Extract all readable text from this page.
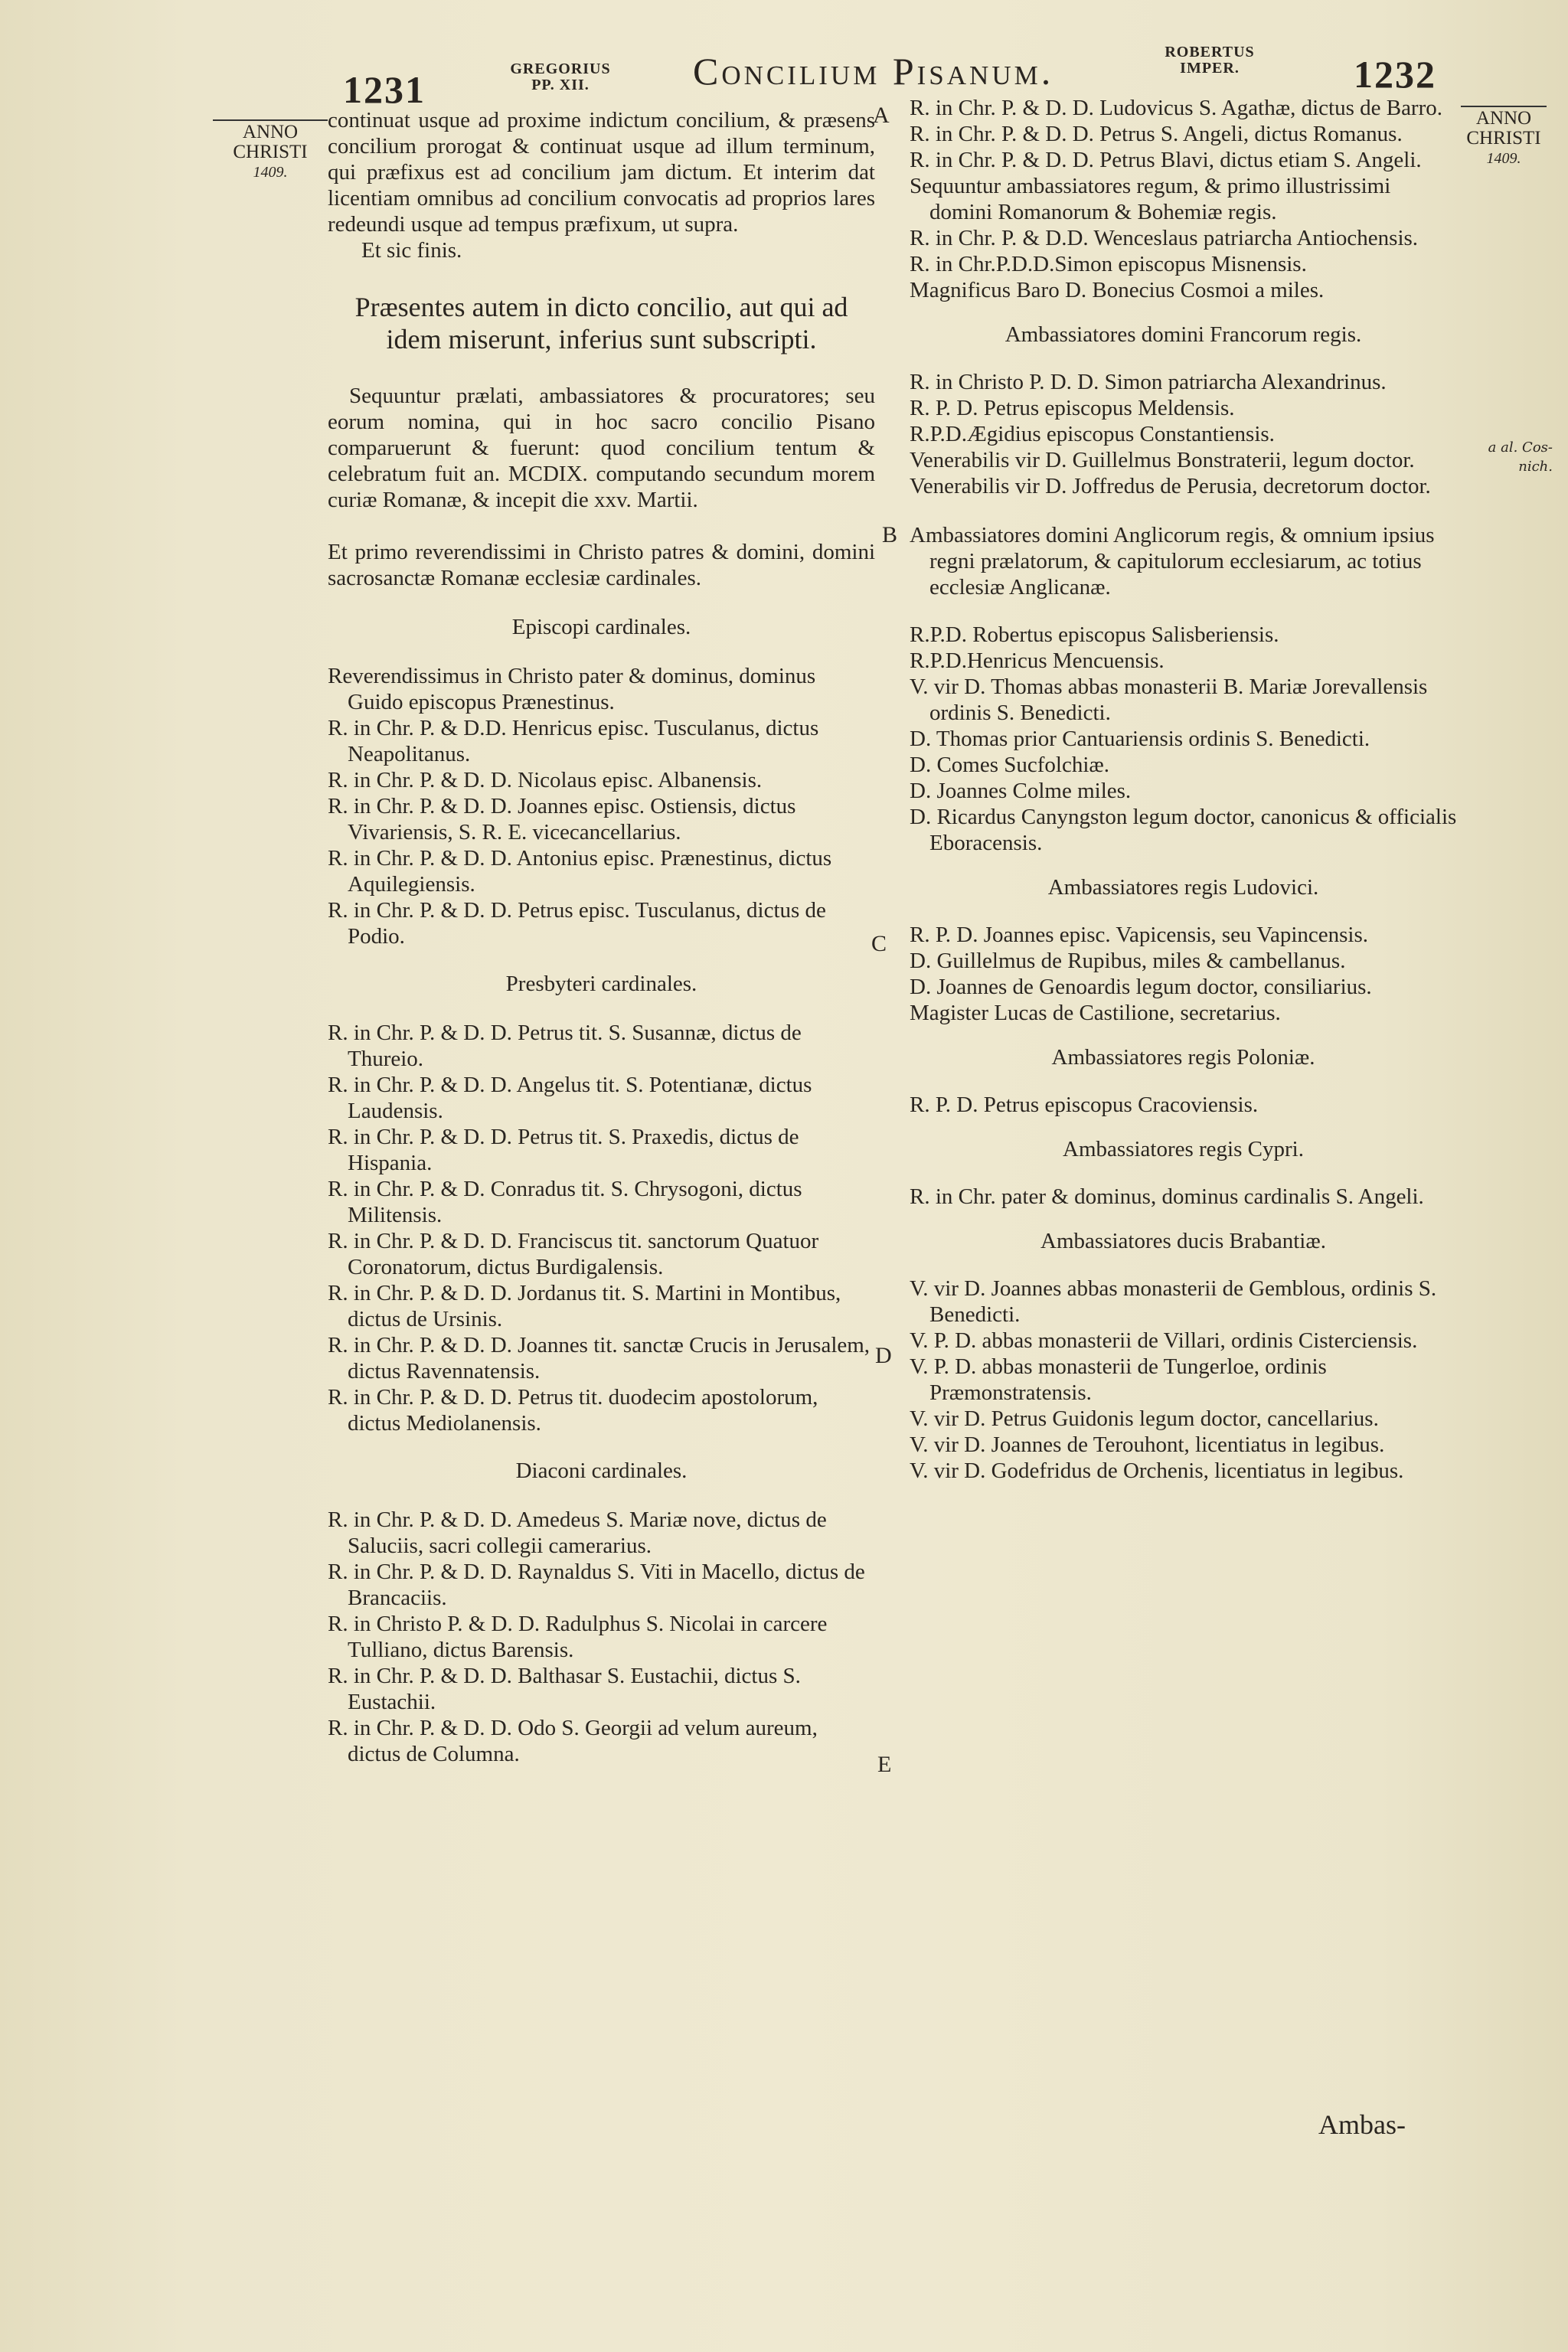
1231	GREGORIUS
PP. XII.	Concilium Pisanum.	ROBERTUS
IMPER.	1232
ANNO
CHRISTI
1409.
ANNO
CHRISTI
1409.
a al. Cos-
nich.
A
B
C
D
E

continuat usque ad proxime indictum concilium, & præsens concilium prorogat & continuat usque ad illum terminum, qui præfixus est ad concilium jam dictum. Et interim dat licentiam omnibus ad concilium convocatis ad proprios lares redeundi usque ad tempus præfixum, ut supra.

Et sic finis.

Præsentes autem in dicto concilio, aut qui ad idem miserunt, inferius sunt subscripti.

Sequuntur prælati, ambassiatores & procuratores; seu eorum nomina, qui in hoc sacro concilio Pisano comparuerunt & fuerunt: quod concilium tentum & celebratum fuit an. MCDIX. computando secundum morem curiæ Romanæ, & incepit die xxv. Martii.

Et primo reverendissimi in Christo patres & domini, domini sacrosanctæ Romanæ ecclesiæ cardinales.

Episcopi cardinales.

Reverendissimus in Christo pater & dominus, dominus Guido episcopus Prænestinus.

R. in Chr. P. & D.D. Henricus episc. Tusculanus, dictus Neapolitanus.

R. in Chr. P. & D. D. Nicolaus episc. Albanensis.

R. in Chr. P. & D. D. Joannes episc. Ostiensis, dictus Vivariensis, S. R. E. vicecancellarius.

R. in Chr. P. & D. D. Antonius episc. Prænestinus, dictus Aquilegiensis.

R. in Chr. P. & D. D. Petrus episc. Tusculanus, dictus de Podio.

Presbyteri cardinales.

R. in Chr. P. & D. D. Petrus tit. S. Susannæ, dictus de Thureio.

R. in Chr. P. & D. D. Angelus tit. S. Potentianæ, dictus Laudensis.

R. in Chr. P. & D. D. Petrus tit. S. Praxedis, dictus de Hispania.

R. in Chr. P. & D. Conradus tit. S. Chrysogoni, dictus Militensis.

R. in Chr. P. & D. D. Franciscus tit. sanctorum Quatuor Coronatorum, dictus Burdigalensis.

R. in Chr. P. & D. D. Jordanus tit. S. Martini in Montibus, dictus de Ursinis.

R. in Chr. P. & D. D. Joannes tit. sanctæ Crucis in Jerusalem, dictus Ravennatensis.

R. in Chr. P. & D. D. Petrus tit. duodecim apostolorum, dictus Mediolanensis.

Diaconi cardinales.

R. in Chr. P. & D. D. Amedeus S. Mariæ nove, dictus de Saluciis, sacri collegii camerarius.

R. in Chr. P. & D. D. Raynaldus S. Viti in Macello, dictus de Brancaciis.

R. in Christo P. & D. D. Radulphus S. Nicolai in carcere Tulliano, dictus Barensis.

R. in Chr. P. & D. D. Balthasar S. Eustachii, dictus S. Eustachii.

R. in Chr. P. & D. D. Odo S. Georgii ad velum aureum, dictus de Columna.

R. in Chr. P. & D. D. Ludovicus S. Agathæ, dictus de Barro.

R. in Chr. P. & D. D. Petrus S. Angeli, dictus Romanus.

R. in Chr. P. & D. D. Petrus Blavi, dictus etiam S. Angeli.

Sequuntur ambassiatores regum, & primo illustrissimi domini Romanorum & Bohemiæ regis.

R. in Chr. P. & D.D. Wenceslaus patriarcha Antiochensis.

R. in Chr.P.D.D.Simon episcopus Misnensis.

Magnificus Baro D. Bonecius Cosmoi a miles.

Ambassiatores domini Francorum regis.

R. in Christo P. D. D. Simon patriarcha Alexandrinus.

R. P. D. Petrus episcopus Meldensis.

R.P.D.Ægidius episcopus Constantiensis.

Venerabilis vir D. Guillelmus Bonstraterii, legum doctor.

Venerabilis vir D. Joffredus de Perusia, decretorum doctor.

Ambassiatores domini Anglicorum regis, & omnium ipsius regni prælatorum, & capitulorum ecclesiarum, ac totius ecclesiæ Anglicanæ.

R.P.D. Robertus episcopus Salisberiensis.

R.P.D.Henricus Mencuensis.

V. vir D. Thomas abbas monasterii B. Mariæ Jorevallensis ordinis S. Benedicti.

D. Thomas prior Cantuariensis ordinis S. Benedicti.

D. Comes Sucfolchiæ.

D. Joannes Colme miles.

D. Ricardus Canyngston legum doctor, canonicus & officialis Eboracensis.

Ambassiatores regis Ludovici.

R. P. D. Joannes episc. Vapicensis, seu Vapincensis.

D. Guillelmus de Rupibus, miles & cambellanus.

D. Joannes de Genoardis legum doctor, consiliarius.

Magister Lucas de Castilione, secretarius.

Ambassiatores regis Poloniæ.

R. P. D. Petrus episcopus Cracoviensis.

Ambassiatores regis Cypri.

R. in Chr. pater & dominus, dominus cardinalis S. Angeli.

Ambassiatores ducis Brabantiæ.

V. vir D. Joannes abbas monasterii de Gemblous, ordinis S. Benedicti.

V. P. D. abbas monasterii de Villari, ordinis Cisterciensis.

V. P. D. abbas monasterii de Tungerloe, ordinis Præmonstratensis.

V. vir D. Petrus Guidonis legum doctor, cancellarius.

V. vir D. Joannes de Terouhont, licentiatus in legibus.

V. vir D. Godefridus de Orchenis, licentiatus in legibus.

Ambas-
